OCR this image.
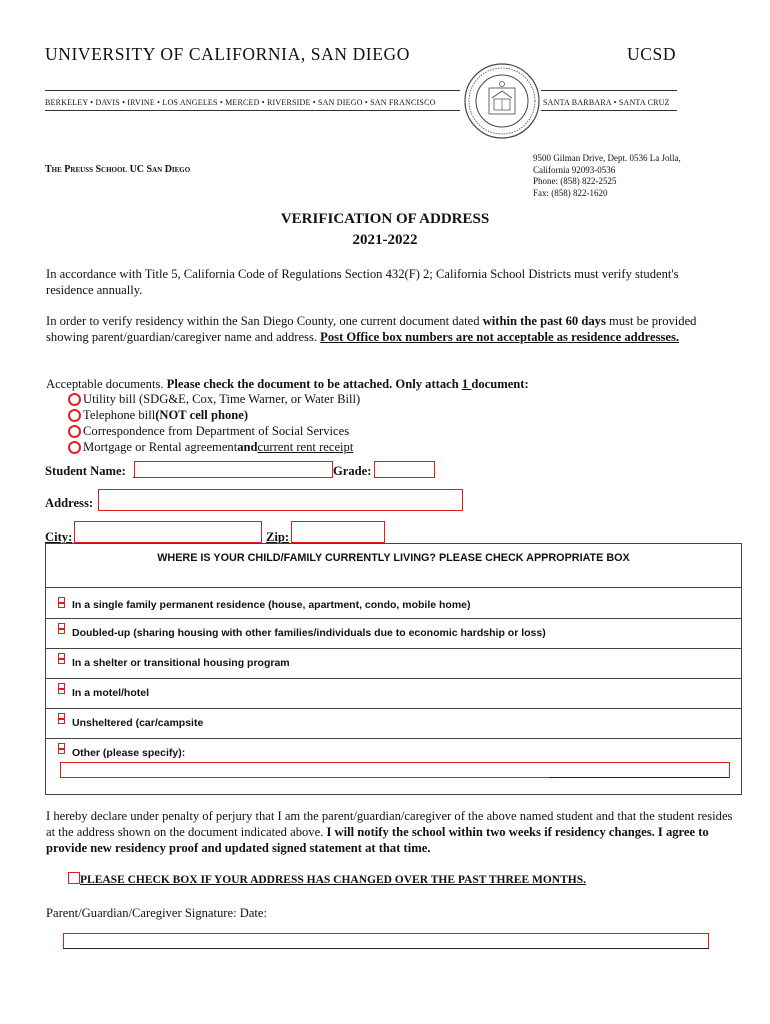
UNIVERSITY OF CALIFORNIA, SAN DIEGO	UCSD
BERKELEY • DAVIS • IRVINE • LOS ANGELES • MERCED • RIVERSIDE • SAN DIEGO • SAN FRANCISCO	SANTA BARBARA • SANTA CRUZ
The Preuss School UC San Diego
9500 Gilman Drive, Dept. 0536 La Jolla,
California 92093-0536
Phone: (858) 822-2525
Fax: (858) 822-1620
VERIFICATION OF ADDRESS
2021-2022
In accordance with Title 5, California Code of Regulations Section 432(F) 2; California School Districts must verify student's residence annually.
In order to verify residency within the San Diego County, one current document dated within the past 60 days must be provided showing parent/guardian/caregiver name and address. Post Office box numbers are not acceptable as residence addresses.
Acceptable documents. Please check the document to be attached. Only attach 1 document:
Utility bill (SDG&E, Cox, Time Warner, or Water Bill)
Telephone bill (NOT cell phone)
Correspondence from Department of Social Services
Mortgage or Rental agreement and current rent receipt
Student Name:	Grade:
Address:
City:	Zip:
WHERE IS YOUR CHILD/FAMILY CURRENTLY LIVING? PLEASE CHECK APPROPRIATE BOX
In a single family permanent residence (house, apartment, condo, mobile home)
Doubled-up (sharing housing with other families/individuals due to economic hardship or loss)
In a shelter or transitional housing program
In a motel/hotel
Unsheltered (car/campsite
Other (please specify):
I hereby declare under penalty of perjury that I am the parent/guardian/caregiver of the above named student and that the student resides at the address shown on the document indicated above. I will notify the school within two weeks if residency changes. I agree to provide new residency proof and updated signed statement at that time.
PLEASE CHECK BOX IF YOUR ADDRESS HAS CHANGED OVER THE PAST THREE MONTHS.
Parent/Guardian/Caregiver Signature: Date:
